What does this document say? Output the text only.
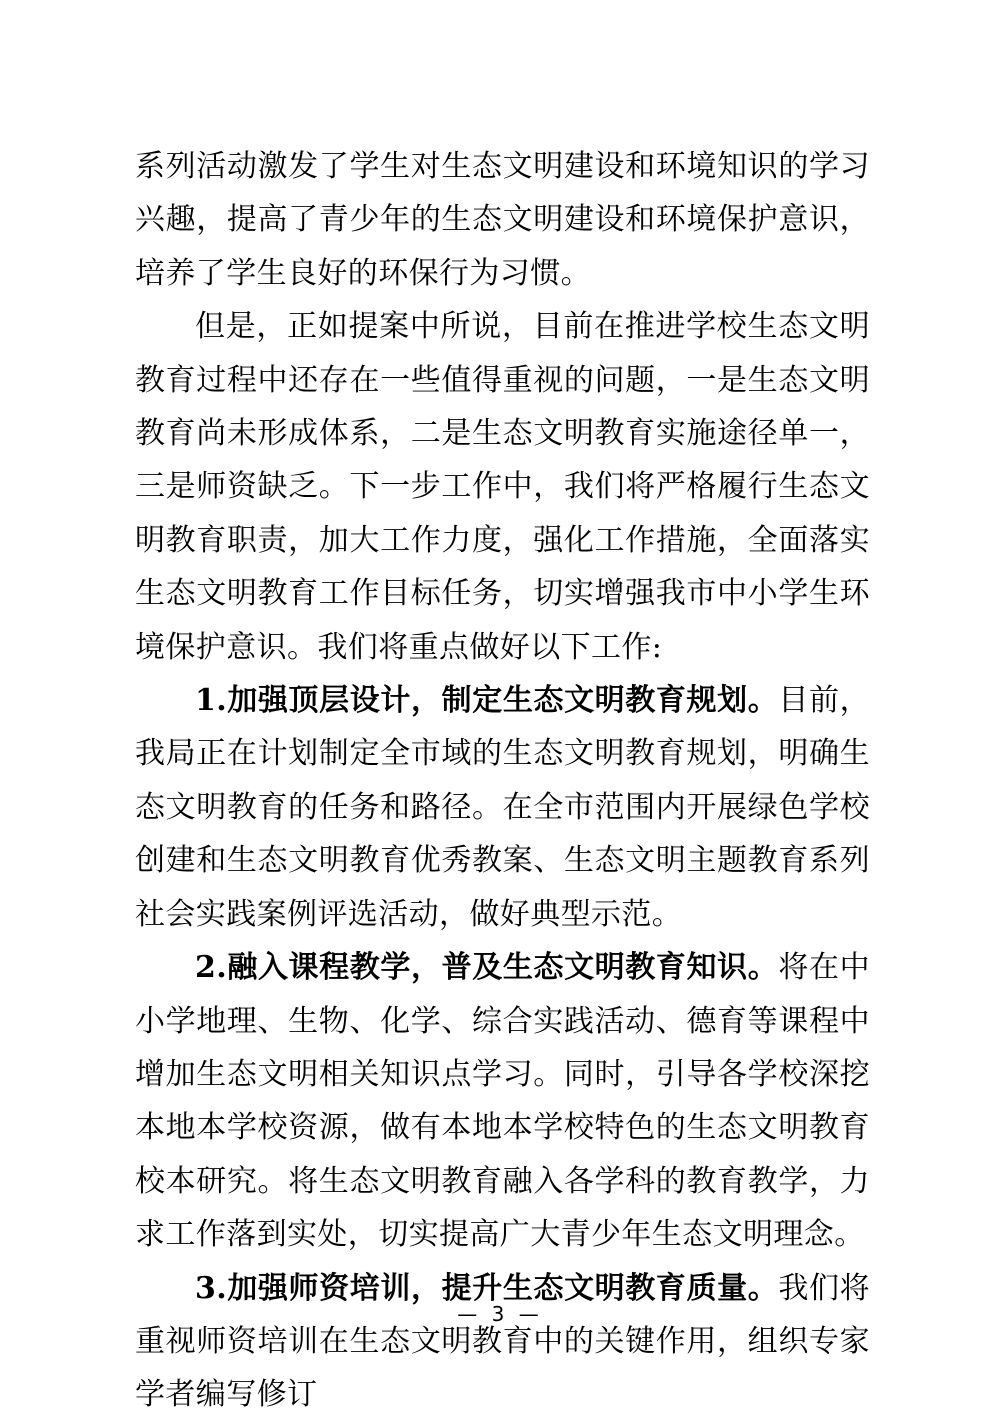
系列活动激发了学生对生态文明建设和环境知识的学习兴趣，提高了青少年的生态文明建设和环境保护意识，培养了学生良好的环保行为习惯。

但是，正如提案中所说，目前在推进学校生态文明教育过程中还存在一些值得重视的问题，一是生态文明教育尚未形成体系，二是生态文明教育实施途径单一，三是师资缺乏。下一步工作中，我们将严格履行生态文明教育职责，加大工作力度，强化工作措施，全面落实生态文明教育工作目标任务，切实增强我市中小学生环境保护意识。我们将重点做好以下工作:

1.加强顶层设计，制定生态文明教育规划。目前，我局正在计划制定全市域的生态文明教育规划，明确生态文明教育的任务和路径。在全市范围内开展绿色学校创建和生态文明教育优秀教案、生态文明主题教育系列社会实践案例评选活动，做好典型示范。

2.融入课程教学，普及生态文明教育知识。将在中小学地理、生物、化学、综合实践活动、德育等课程中增加生态文明相关知识点学习。同时，引导各学校深挖本地本学校资源，做有本地本学校特色的生态文明教育校本研究。将生态文明教育融入各学科的教育教学，力求工作落到实处，切实提高广大青少年生态文明理念。

3.加强师资培训，提升生态文明教育质量。我们将重视师资培训在生态文明教育中的关键作用，组织专家学者编写修订

— 3 —
